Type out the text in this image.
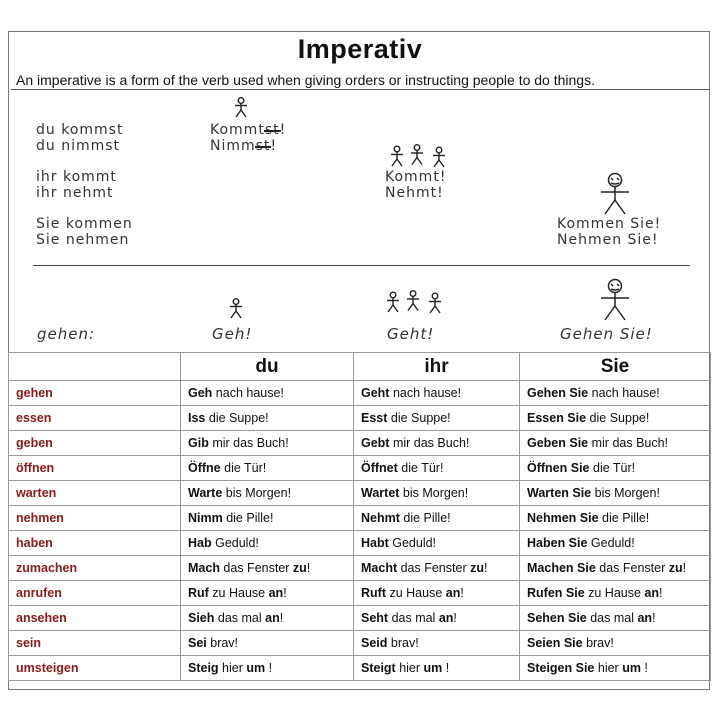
Imperativ
An imperative is a form of the verb used when giving orders or instructing people to do things.
du kommst
du nimmst
ihr kommt
ihr nehmt
Sie kommen
Sie nehmen
Kommtst!
Nimmst!
Kommt!
Nehmt!
Kommen Sie!
Nehmen Sie!
gehen:	Geh!	Geht!	Gehen Sie!
	du	ihr	Sie
gehen	Geh nach hause!	Geht nach hause!	Gehen Sie nach hause!
essen	Iss die Suppe!	Esst die Suppe!	Essen Sie die Suppe!
geben	Gib mir das Buch!	Gebt mir das Buch!	Geben Sie mir das Buch!
öffnen	Öffne die Tür!	Öffnet die Tür!	Öffnen Sie die Tür!
warten	Warte bis Morgen!	Wartet bis Morgen!	Warten Sie bis Morgen!
nehmen	Nimm die Pille!	Nehmt die Pille!	Nehmen Sie die Pille!
haben	Hab Geduld!	Habt Geduld!	Haben Sie Geduld!
zumachen	Mach das Fenster zu!	Macht das Fenster zu!	Machen Sie das Fenster zu!
anrufen	Ruf zu Hause an!	Ruft zu Hause an!	Rufen Sie zu Hause an!
ansehen	Sieh das mal an!	Seht das mal an!	Sehen Sie das mal an!
sein	Sei brav!	Seid brav!	Seien Sie brav!
umsteigen	Steig hier um !	Steigt hier um !	Steigen Sie hier um !
